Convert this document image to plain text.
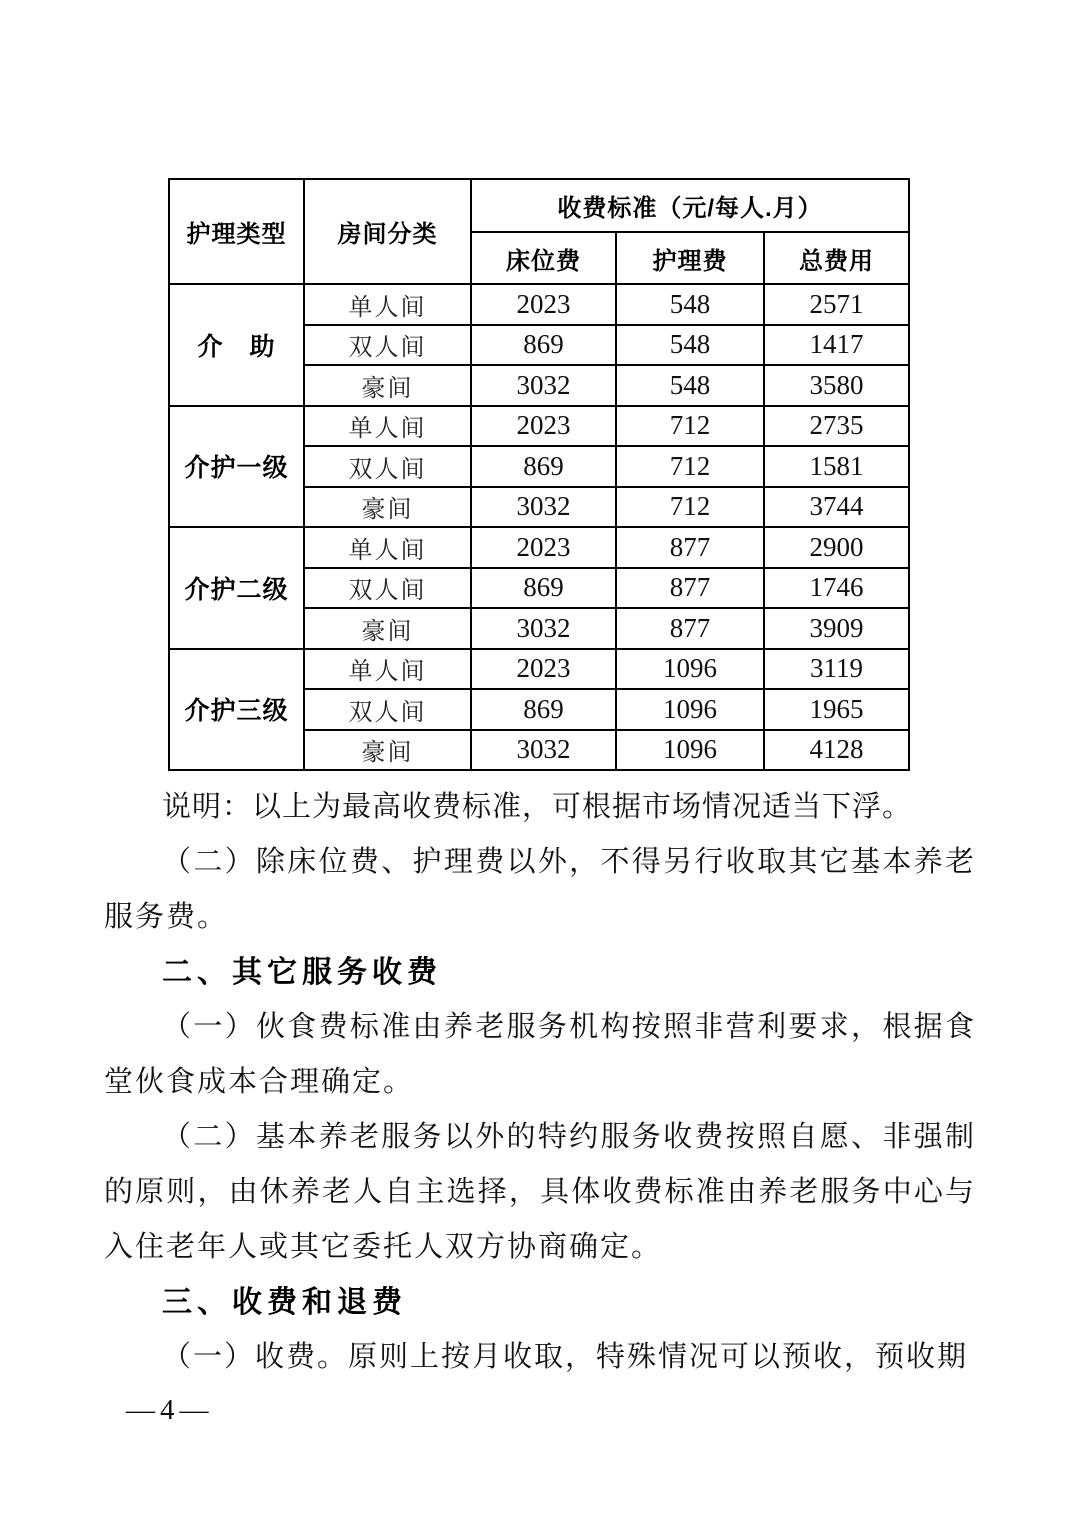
护理类型	房间分类	收费标准（元/每人.月）		
		床位费	护理费	总费用
介　助	单人间	2023	548	2571
	双人间	869	548	1417
	豪间	3032	548	3580
介护一级	单人间	2023	712	2735
	双人间	869	712	1581
	豪间	3032	712	3744
介护二级	单人间	2023	877	2900
	双人间	869	877	1746
	豪间	3032	877	3909
介护三级	单人间	2023	1096	3119
	双人间	869	1096	1965
	豪间	3032	1096	4128

说明：以上为最高收费标准，可根据市场情况适当下浮。

（二）除床位费、护理费以外，不得另行收取其它基本养老服务费。

二、其它服务收费

（一）伙食费标准由养老服务机构按照非营利要求，根据食堂伙食成本合理确定。

（二）基本养老服务以外的特约服务收费按照自愿、非强制的原则，由休养老人自主选择，具体收费标准由养老服务中心与入住老年人或其它委托人双方协商确定。

三、收费和退费

（一）收费。原则上按月收取，特殊情况可以预收，预收期

—4—
